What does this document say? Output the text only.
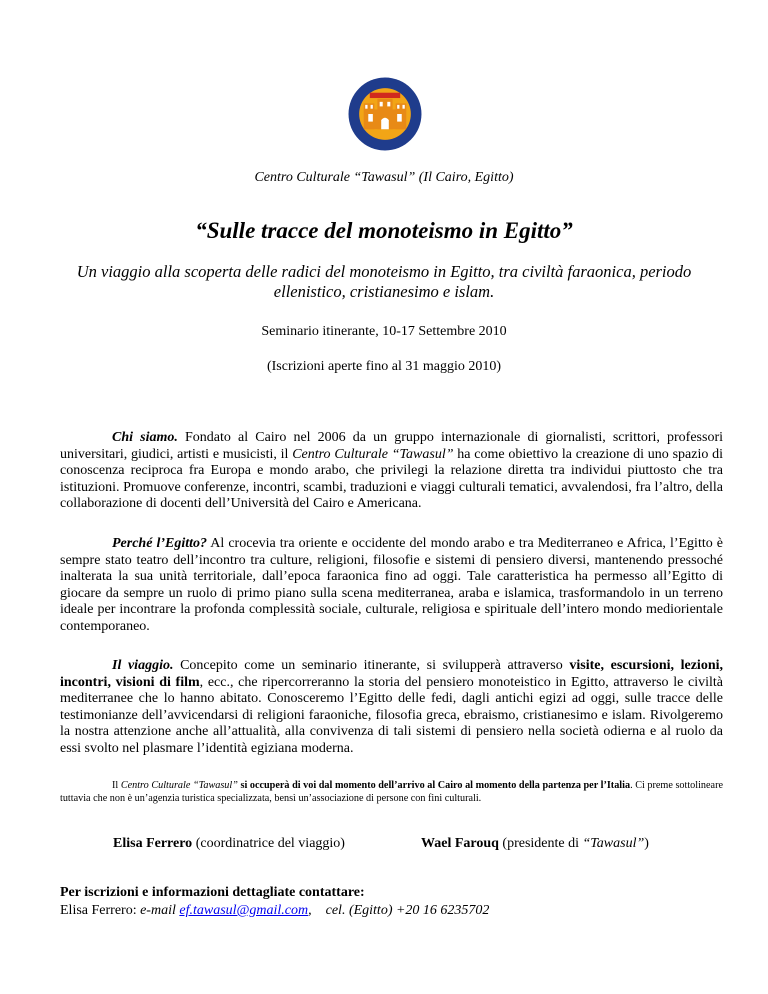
Centro Culturale “Tawasul” (Il Cairo, Egitto)
“Sulle tracce del monoteismo in Egitto”
Un viaggio alla scoperta delle radici del monoteismo in Egitto, tra civiltà faraonica, periodo ellenistico, cristianesimo e islam.
Seminario itinerante, 10-17 Settembre 2010
(Iscrizioni aperte fino al 31 maggio 2010)
Chi siamo. Fondato al Cairo nel 2006 da un gruppo internazionale di giornalisti, scrittori, professori universitari, giudici, artisti e musicisti, il Centro Culturale “Tawasul” ha come obiettivo la creazione di uno spazio di conoscenza reciproca fra Europa e mondo arabo, che privilegi la relazione diretta tra individui piuttosto che tra istituzioni. Promuove conferenze, incontri, scambi, traduzioni e viaggi culturali tematici, avvalendosi, fra l’altro, della collaborazione di docenti dell’Università del Cairo e Americana.
Perché l’Egitto? Al crocevia tra oriente e occidente del mondo arabo e tra Mediterraneo e Africa, l’Egitto è sempre stato teatro dell’incontro tra culture, religioni, filosofie e sistemi di pensiero diversi, mantenendo pressoché inalterata la sua unità territoriale, dall’epoca faraonica fino ad oggi. Tale caratteristica ha permesso all’Egitto di giocare da sempre un ruolo di primo piano sulla scena mediterranea, araba e islamica, trasformandolo in un terreno ideale per incontrare la profonda complessità sociale, culturale, religiosa e spirituale dell’intero mondo mediorientale contemporaneo.
Il viaggio. Concepito come un seminario itinerante, si svilupperà attraverso visite, escursioni, lezioni, incontri, visioni di film, ecc., che ripercorreranno la storia del pensiero monoteistico in Egitto, attraverso le civiltà mediterranee che lo hanno abitato. Conosceremo l’Egitto delle fedi, dagli antichi egizi ad oggi, sulle tracce delle testimonianze dell’avvicendarsi di religioni faraoniche, filosofia greca, ebraismo, cristianesimo e islam. Rivolgeremo la nostra attenzione anche all’attualità, alla convivenza di tali sistemi di pensiero nella società odierna e al ruolo da essi svolto nel plasmare l’identità egiziana moderna.
Il Centro Culturale “Tawasul” si occuperà di voi dal momento dell’arrivo al Cairo al momento della partenza per l’Italia. Ci preme sottolineare tuttavia che non è un’agenzia turistica specializzata, bensì un’associazione di persone con fini culturali.
Elisa Ferrero (coordinatrice del viaggio)	Wael Farouq (presidente di “Tawasul”)
Per iscrizioni e informazioni dettagliate contattare:
Elisa Ferrero: e-mail ef.tawasul@gmail.com,    cel. (Egitto) +20 16 6235702
